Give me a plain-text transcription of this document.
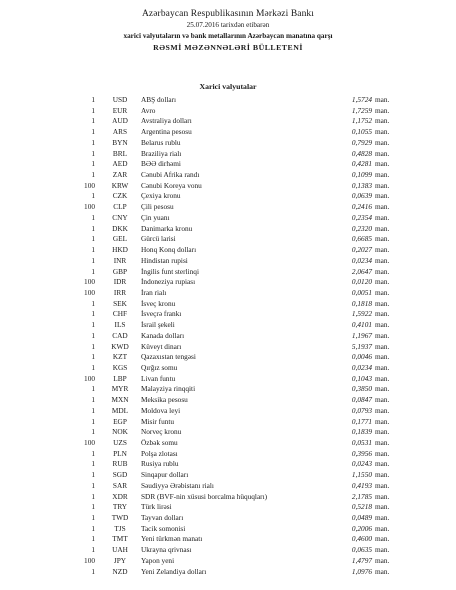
Azərbaycan Respublikasının Mərkəzi Bankı
25.07.2016 tarixdən etibarən
xarici valyutaların və bank metallarının Azərbaycan manatına qarşı
RƏSMİ MƏZƏNNƏLƏRİ BÜLLETENİ
Xarici valyutalar
1	USD	ABŞ dolları	1,5724 man.
1	EUR	Avro	1,7259 man.
1	AUD	Avstraliya dolları	1,1752 man.
1	ARS	Argentina pesosu	0,1055 man.
1	BYN	Belarus rublu	0,7929 man.
1	BRL	Braziliya rialı	0,4828 man.
1	AED	BƏƏ dirhəmi	0,4281 man.
1	ZAR	Cənubi Afrika randı	0,1099 man.
100	KRW	Cənubi Koreya vonu	0,1383 man.
1	CZK	Çexiya kronu	0,0639 man.
100	CLP	Çili pesosu	0,2416 man.
1	CNY	Çin yuanı	0,2354 man.
1	DKK	Danimarka kronu	0,2320 man.
1	GEL	Gürcü larisi	0,6685 man.
1	HKD	Honq Konq dolları	0,2027 man.
1	INR	Hindistan rupisi	0,0234 man.
1	GBP	İngilis funt sterlinqi	2,0647 man.
100	IDR	İndoneziya rupiası	0,0120 man.
100	IRR	İran rialı	0,0051 man.
1	SEK	İsveç kronu	0,1818 man.
1	CHF	İsveçrə frankı	1,5922 man.
1	ILS	İsrail şekeli	0,4101 man.
1	CAD	Kanada dolları	1,1967 man.
1	KWD	Küveyt dinarı	5,1937 man.
1	KZT	Qazaxıstan tengəsi	0,0046 man.
1	KGS	Qırğız somu	0,0234 man.
100	LBP	Livan funtu	0,1043 man.
1	MYR	Malayziya rinqqiti	0,3850 man.
1	MXN	Meksika pesosu	0,0847 man.
1	MDL	Moldova leyi	0,0793 man.
1	EGP	Misir funtu	0,1771 man.
1	NOK	Norveç kronu	0,1839 man.
100	UZS	Özbək somu	0,0531 man.
1	PLN	Polşa zlotası	0,3956 man.
1	RUB	Rusiya rublu	0,0243 man.
1	SGD	Sinqapur dolları	1,1550 man.
1	SAR	Səudiyyə Ərəbistanı rialı	0,4193 man.
1	XDR	SDR (BVF-nin xüsusi borcalma hüquqları)	2,1785 man.
1	TRY	Türk lirəsi	0,5218 man.
1	TWD	Tayvan dolları	0,0489 man.
1	TJS	Tacik somonisi	0,2006 man.
1	TMT	Yeni türkmən manatı	0,4600 man.
1	UAH	Ukrayna qrivnası	0,0635 man.
100	JPY	Yapon yeni	1,4797 man.
1	NZD	Yeni Zelandiya dolları	1,0976 man.
